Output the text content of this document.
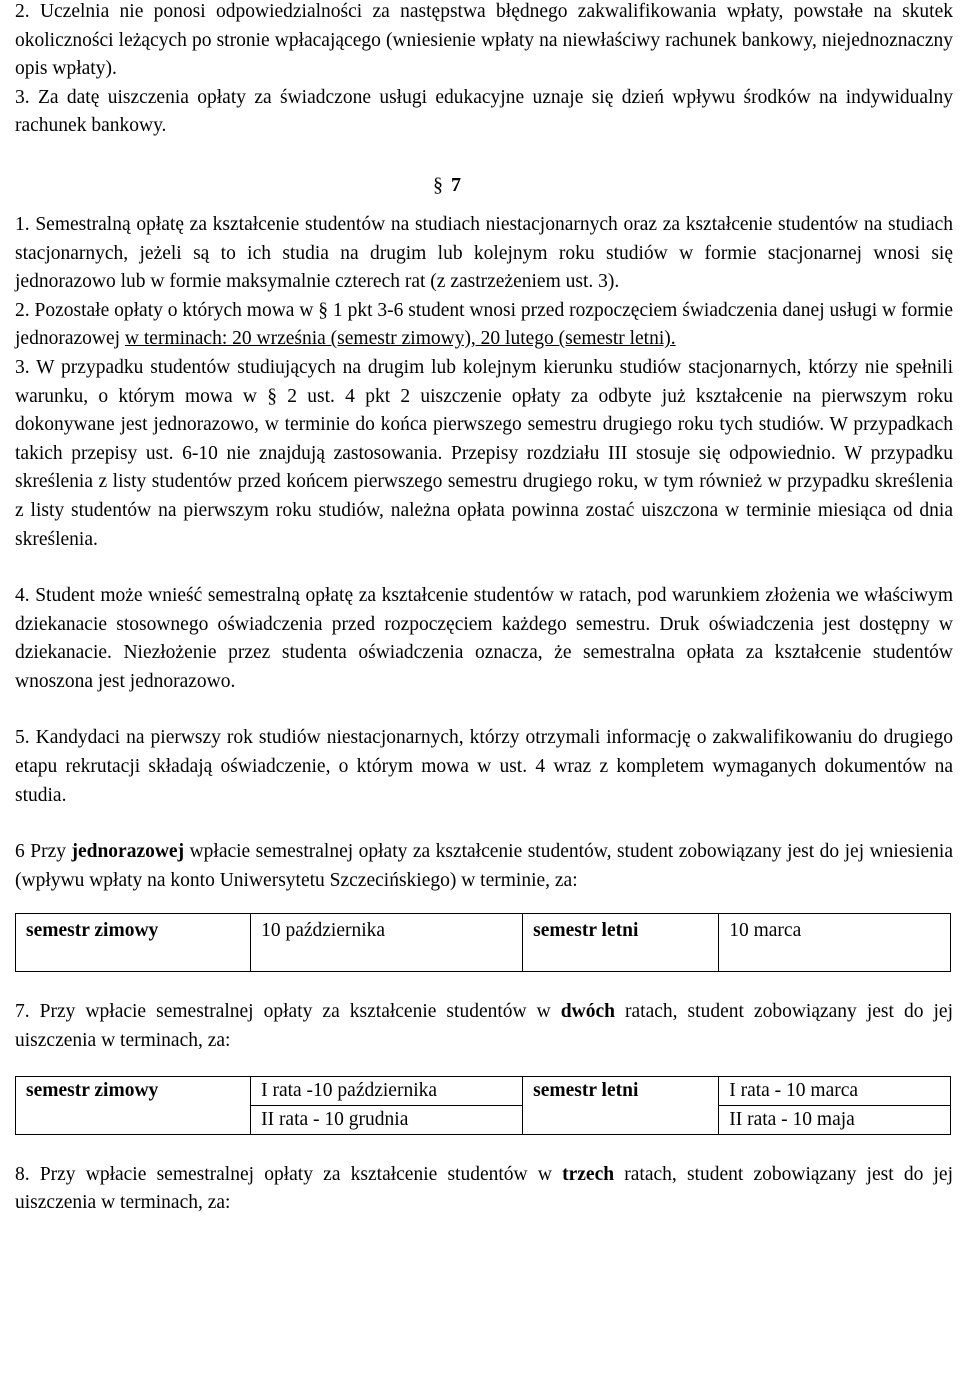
2. Uczelnia nie ponosi odpowiedzialności za następstwa błędnego zakwalifikowania wpłaty, powstałe na skutek okoliczności leżących po stronie wpłacającego (wniesienie wpłaty na niewłaściwy rachunek bankowy, niejednoznaczny opis wpłaty).

3. Za datę uiszczenia opłaty za świadczone usługi edukacyjne uznaje się dzień wpływu środków na indywidualny rachunek bankowy.

§ 7

1. Semestralną opłatę za kształcenie studentów na studiach niestacjonarnych oraz za kształcenie studentów na studiach stacjonarnych, jeżeli są to ich studia na drugim lub kolejnym roku studiów w formie stacjonarnej wnosi się jednorazowo lub w formie maksymalnie czterech rat (z zastrzeżeniem ust. 3).

2. Pozostałe opłaty o których mowa w § 1 pkt 3-6 student wnosi przed rozpoczęciem świadczenia danej usługi w formie jednorazowej w terminach: 20 września (semestr zimowy), 20 lutego (semestr letni).

3. W przypadku studentów studiujących na drugim lub kolejnym kierunku studiów stacjonarnych, którzy nie spełnili warunku, o którym mowa w § 2 ust. 4 pkt 2 uiszczenie opłaty za odbyte już kształcenie na pierwszym roku dokonywane jest jednorazowo, w terminie do końca pierwszego semestru drugiego roku tych studiów. W przypadkach takich przepisy ust. 6-10 nie znajdują zastosowania. Przepisy rozdziału III stosuje się odpowiednio. W przypadku skreślenia z listy studentów przed końcem pierwszego semestru drugiego roku, w tym również w przypadku skreślenia z listy studentów na pierwszym roku studiów, należna opłata powinna zostać uiszczona w terminie miesiąca od dnia skreślenia.

4. Student może wnieść semestralną opłatę za kształcenie studentów w ratach, pod warunkiem złożenia we właściwym dziekanacie stosownego oświadczenia przed rozpoczęciem każdego semestru. Druk oświadczenia jest dostępny w dziekanacie. Niezłożenie przez studenta oświadczenia oznacza, że semestralna opłata za kształcenie studentów wnoszona jest jednorazowo.

5. Kandydaci na pierwszy rok studiów niestacjonarnych, którzy otrzymali informację o zakwalifikowaniu do drugiego etapu rekrutacji składają oświadczenie, o którym mowa w ust. 4 wraz z kompletem wymaganych dokumentów na studia.

6 Przy jednorazowej wpłacie semestralnej opłaty za kształcenie studentów, student zobowiązany jest do jej wniesienia (wpływu wpłaty na konto Uniwersytetu Szczecińskiego) w terminie, za:

semestr zimowy	10 października	semestr letni	10 marca

7. Przy wpłacie semestralnej opłaty za kształcenie studentów w dwóch ratach, student zobowiązany jest do jej uiszczenia w terminach, za:

semestr zimowy	I rata -10 października	semestr letni	I rata - 10 marca
	II rata - 10 grudnia		II rata - 10 maja

8. Przy wpłacie semestralnej opłaty za kształcenie studentów w trzech ratach, student zobowiązany jest do jej uiszczenia w terminach, za:
